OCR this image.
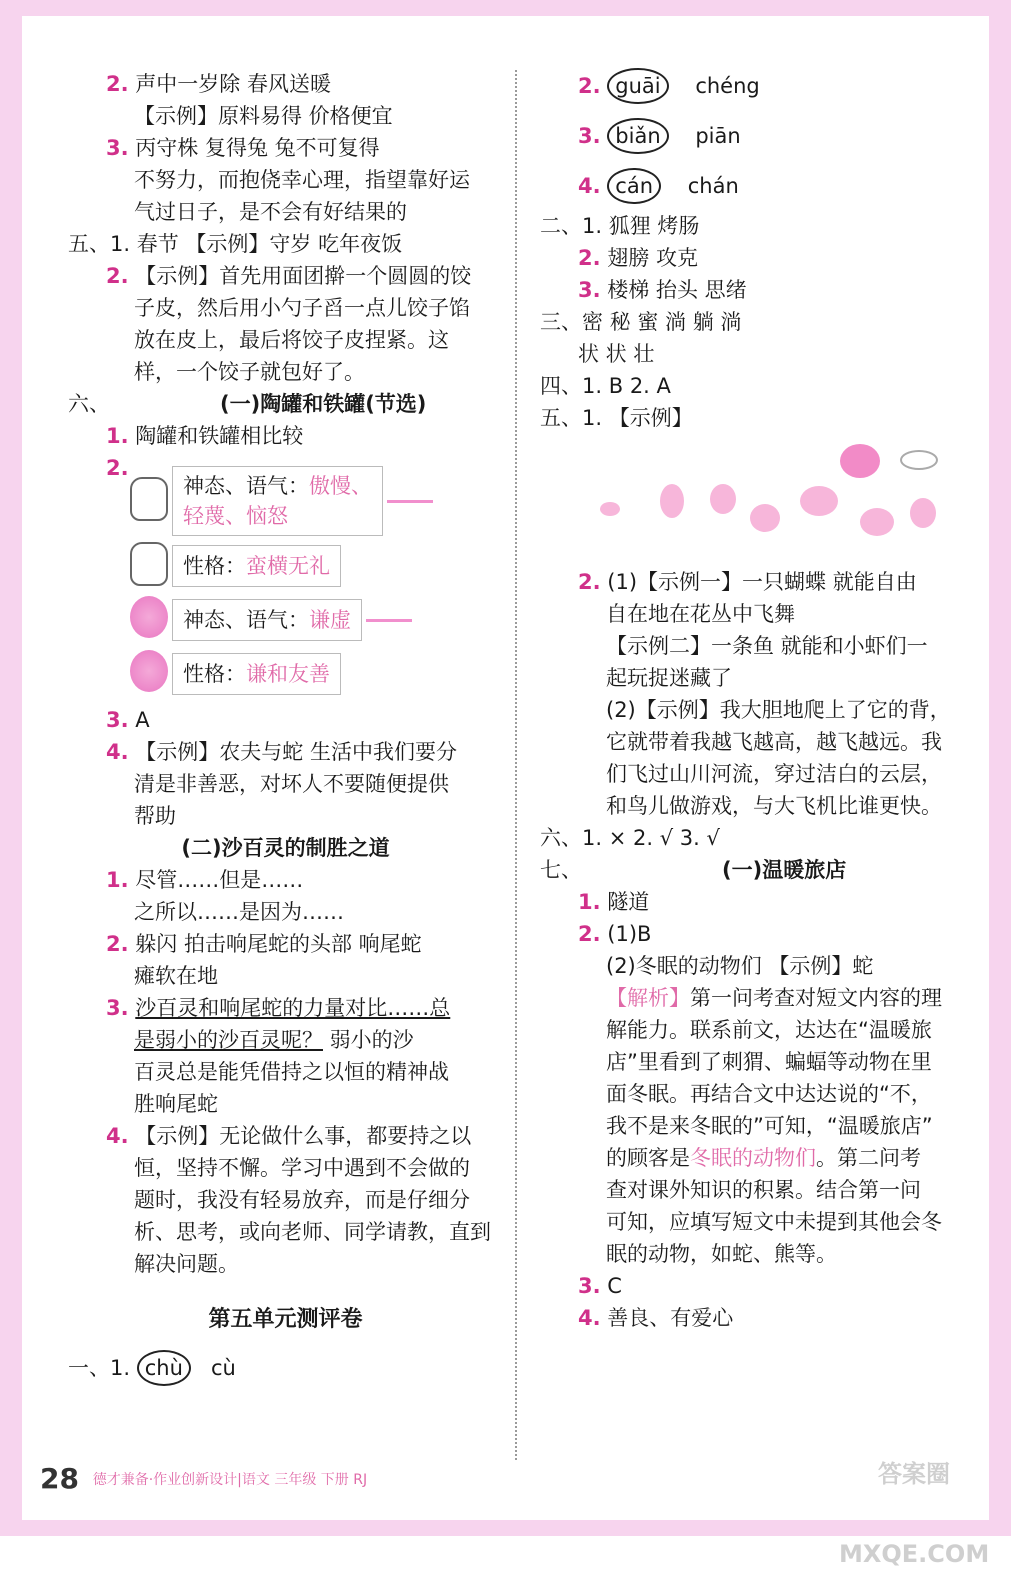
2. 声中一岁除 春风送暖
【示例】原料易得 价格便宜
3. 丙守株 复得兔 兔不可复得
不努力，而抱侥幸心理，指望靠好运
气过日子，是不会有好结果的
五、1. 春节 【示例】守岁 吃年夜饭
2. 【示例】首先用面团擀一个圆圆的饺
子皮，然后用小勺子舀一点儿饺子馅
放在皮上，最后将饺子皮捏紧。这
样，一个饺子就包好了。
六、	(一)陶罐和铁罐(节选)
1. 陶罐和铁罐相比较
2.
神态、语气：傲慢、
轻蔑、恼怒
性格：蛮横无礼
神态、语气：谦虚
性格：谦和友善
3. A
4. 【示例】农夫与蛇 生活中我们要分
清是非善恶，对坏人不要随便提供
帮助
(二)沙百灵的制胜之道
1. 尽管……但是……
之所以……是因为……
2. 躲闪 拍击响尾蛇的头部 响尾蛇
瘫软在地
3. 沙百灵和响尾蛇的力量对比……总
是弱小的沙百灵呢？ 弱小的沙
百灵总是能凭借持之以恒的精神战
胜响尾蛇
4. 【示例】无论做什么事，都要持之以
恒，坚持不懈。学习中遇到不会做的
题时，我没有轻易放弃，而是仔细分
析、思考，或向老师、同学请教，直到
解决问题。
第五单元测评卷
一、1. chù cù
2. guāi chéng
3. biǎn piān
4. cán chán
二、1. 狐狸 烤肠
2. 翅膀 攻克
3. 楼梯 抬头 思绪
三、密 秘 蜜 淌 躺 淌
状 状 壮
四、1. B 2. A
五、1. 【示例】
2. (1)【示例一】一只蝴蝶 就能自由
自在地在花丛中飞舞
【示例二】一条鱼 就能和小虾们一
起玩捉迷藏了
(2)【示例】我大胆地爬上了它的背，
它就带着我越飞越高，越飞越远。我
们飞过山川河流，穿过洁白的云层，
和鸟儿做游戏，与大飞机比谁更快。
六、1. × 2. √ 3. √
七、	(一)温暖旅店
1. 隧道
2. (1)B
(2)冬眠的动物们 【示例】蛇
【解析】第一问考查对短文内容的理
解能力。联系前文，达达在“温暖旅
店”里看到了刺猬、蝙蝠等动物在里
面冬眠。再结合文中达达说的“不，
我不是来冬眠的”可知，“温暖旅店”
的顾客是冬眠的动物们。第二问考
查对课外知识的积累。结合第一问
可知，应填写短文中未提到其他会冬
眠的动物，如蛇、熊等。
3. C
4. 善良、有爱心
28 德才兼备·作业创新设计|语文 三年级 下册 RJ	答案圈 MXQE.COM
